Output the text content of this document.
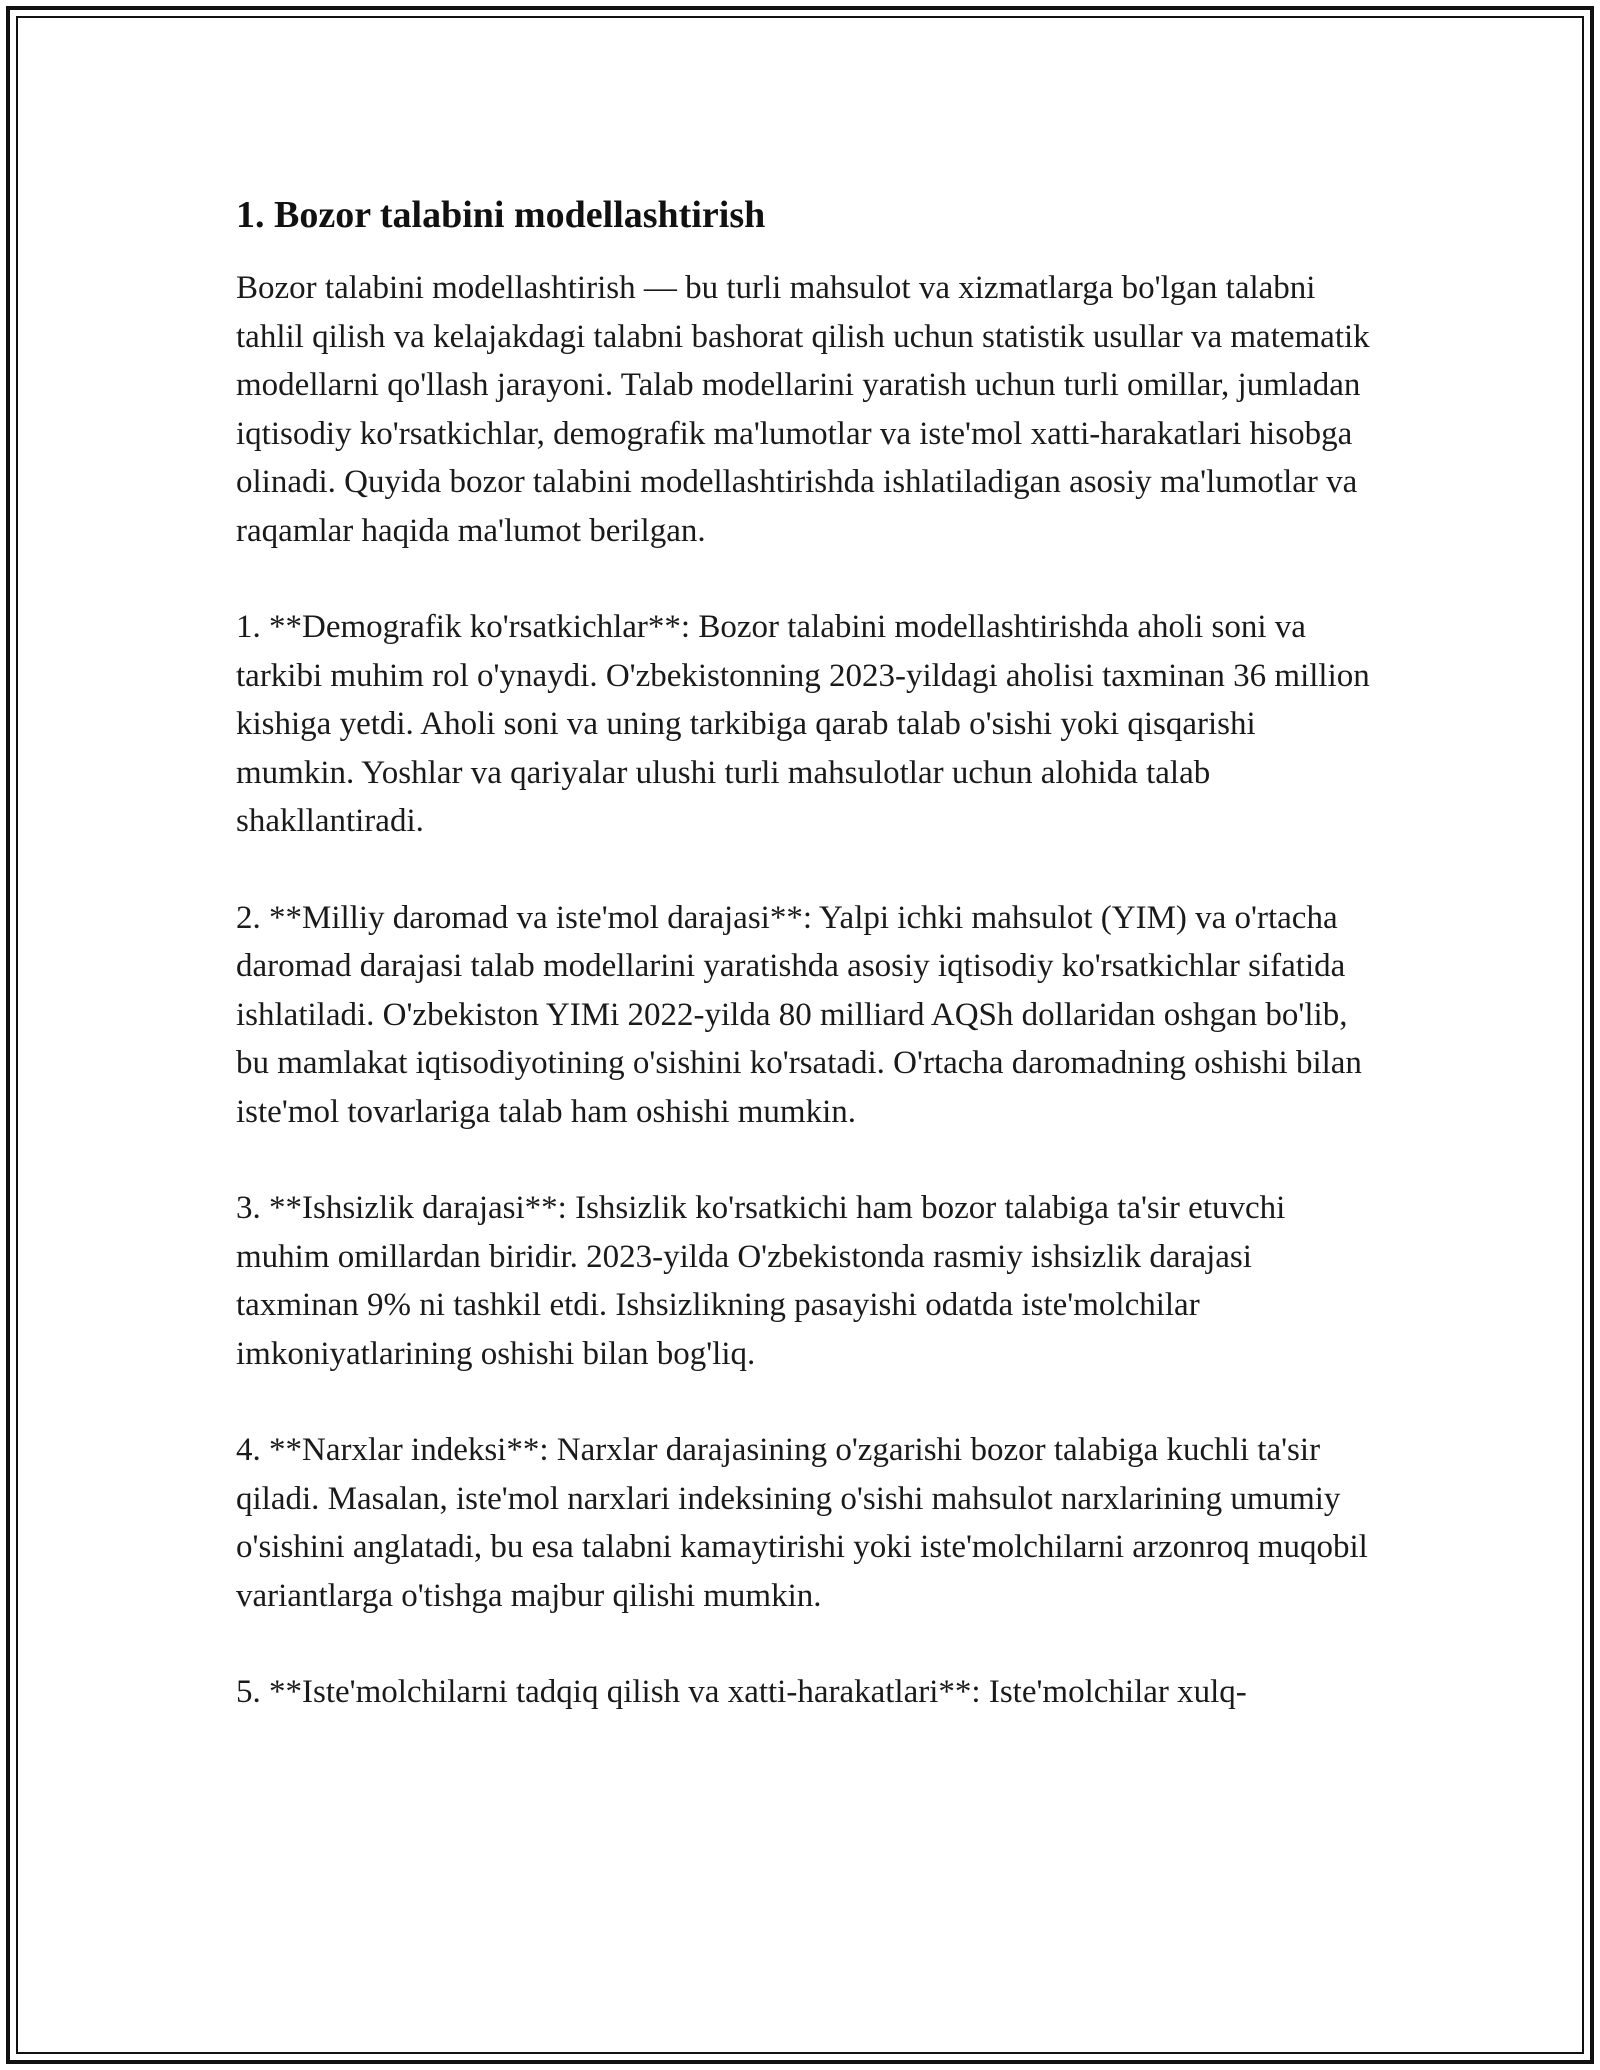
1. Bozor talabini modellashtirish

Bozor talabini modellashtirish — bu turli mahsulot va xizmatlarga bo'lgan talabni tahlil qilish va kelajakdagi talabni bashorat qilish uchun statistik usullar va matematik modellarni qo'llash jarayoni. Talab modellarini yaratish uchun turli omillar, jumladan iqtisodiy ko'rsatkichlar, demografik ma'lumotlar va iste'mol xatti-harakatlari hisobga olinadi. Quyida bozor talabini modellashtirishda ishlatiladigan asosiy ma'lumotlar va raqamlar haqida ma'lumot berilgan.

1. **Demografik ko'rsatkichlar**: Bozor talabini modellashtirishda aholi soni va tarkibi muhim rol o'ynaydi. O'zbekistonning 2023-yildagi aholisi taxminan 36 million kishiga yetdi. Aholi soni va uning tarkibiga qarab talab o'sishi yoki qisqarishi mumkin. Yoshlar va qariyalar ulushi turli mahsulotlar uchun alohida talab shakllantiradi.

2. **Milliy daromad va iste'mol darajasi**: Yalpi ichki mahsulot (YIM) va o'rtacha daromad darajasi talab modellarini yaratishda asosiy iqtisodiy ko'rsatkichlar sifatida ishlatiladi. O'zbekiston YIMi 2022-yilda 80 milliard AQSh dollaridan oshgan bo'lib, bu mamlakat iqtisodiyotining o'sishini ko'rsatadi. O'rtacha daromadning oshishi bilan iste'mol tovarlariga talab ham oshishi mumkin.

3. **Ishsizlik darajasi**: Ishsizlik ko'rsatkichi ham bozor talabiga ta'sir etuvchi muhim omillardan biridir. 2023-yilda O'zbekistonda rasmiy ishsizlik darajasi taxminan 9% ni tashkil etdi. Ishsizlikning pasayishi odatda iste'molchilar imkoniyatlarining oshishi bilan bog'liq.

4. **Narxlar indeksi**: Narxlar darajasining o'zgarishi bozor talabiga kuchli ta'sir qiladi. Masalan, iste'mol narxlari indeksining o'sishi mahsulot narxlarining umumiy o'sishini anglatadi, bu esa talabni kamaytirishi yoki iste'molchilarni arzonroq muqobil variantlarga o'tishga majbur qilishi mumkin.

5. **Iste'molchilarni tadqiq qilish va xatti-harakatlari**: Iste'molchilar xulq-
